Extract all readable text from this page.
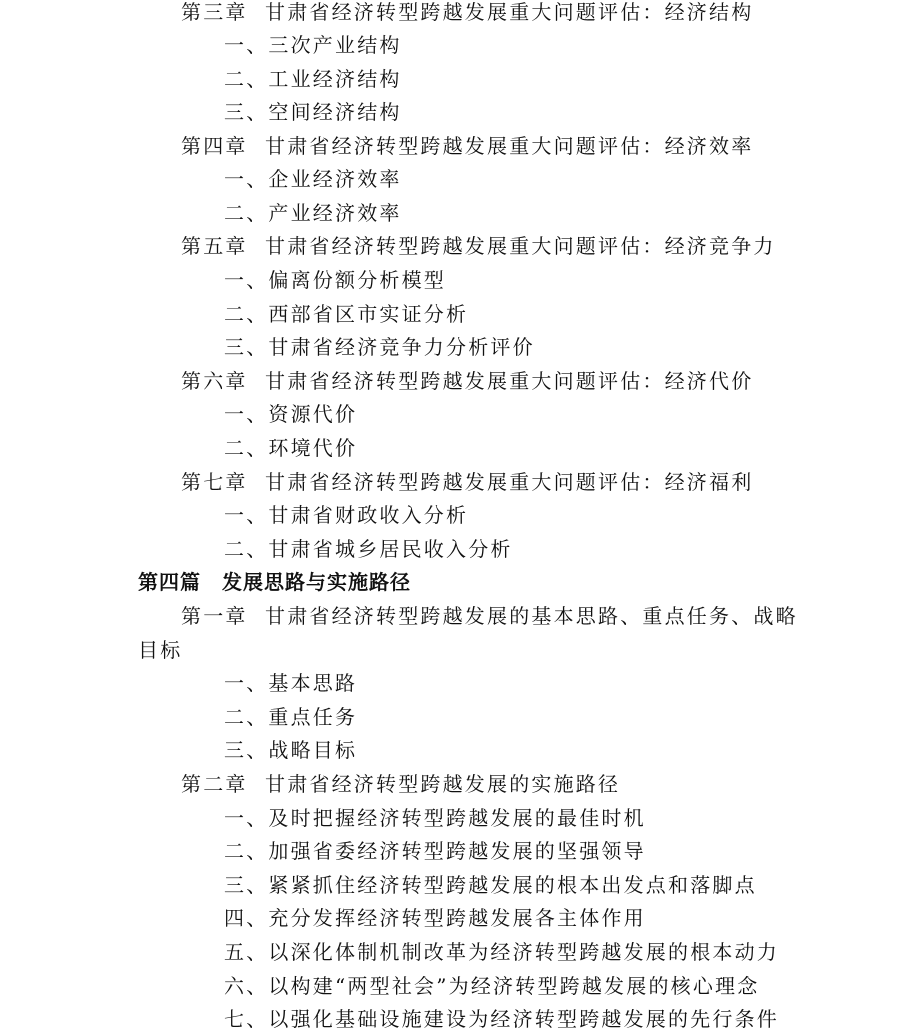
第三章 甘肃省经济转型跨越发展重大问题评估：经济结构
一、三次产业结构
二、工业经济结构
三、空间经济结构
第四章 甘肃省经济转型跨越发展重大问题评估：经济效率
一、企业经济效率
二、产业经济效率
第五章 甘肃省经济转型跨越发展重大问题评估：经济竞争力
一、偏离份额分析模型
二、西部省区市实证分析
三、甘肃省经济竞争力分析评价
第六章 甘肃省经济转型跨越发展重大问题评估：经济代价
一、资源代价
二、环境代价
第七章 甘肃省经济转型跨越发展重大问题评估：经济福利
一、甘肃省财政收入分析
二、甘肃省城乡居民收入分析
第四篇　发展思路与实施路径
第一章 甘肃省经济转型跨越发展的基本思路、重点任务、战略
目标
一、基本思路
二、重点任务
三、战略目标
第二章 甘肃省经济转型跨越发展的实施路径
一、及时把握经济转型跨越发展的最佳时机
二、加强省委经济转型跨越发展的坚强领导
三、紧紧抓住经济转型跨越发展的根本出发点和落脚点
四、充分发挥经济转型跨越发展各主体作用
五、以深化体制机制改革为经济转型跨越发展的根本动力
六、以构建“两型社会”为经济转型跨越发展的核心理念
七、以强化基础设施建设为经济转型跨越发展的先行条件
